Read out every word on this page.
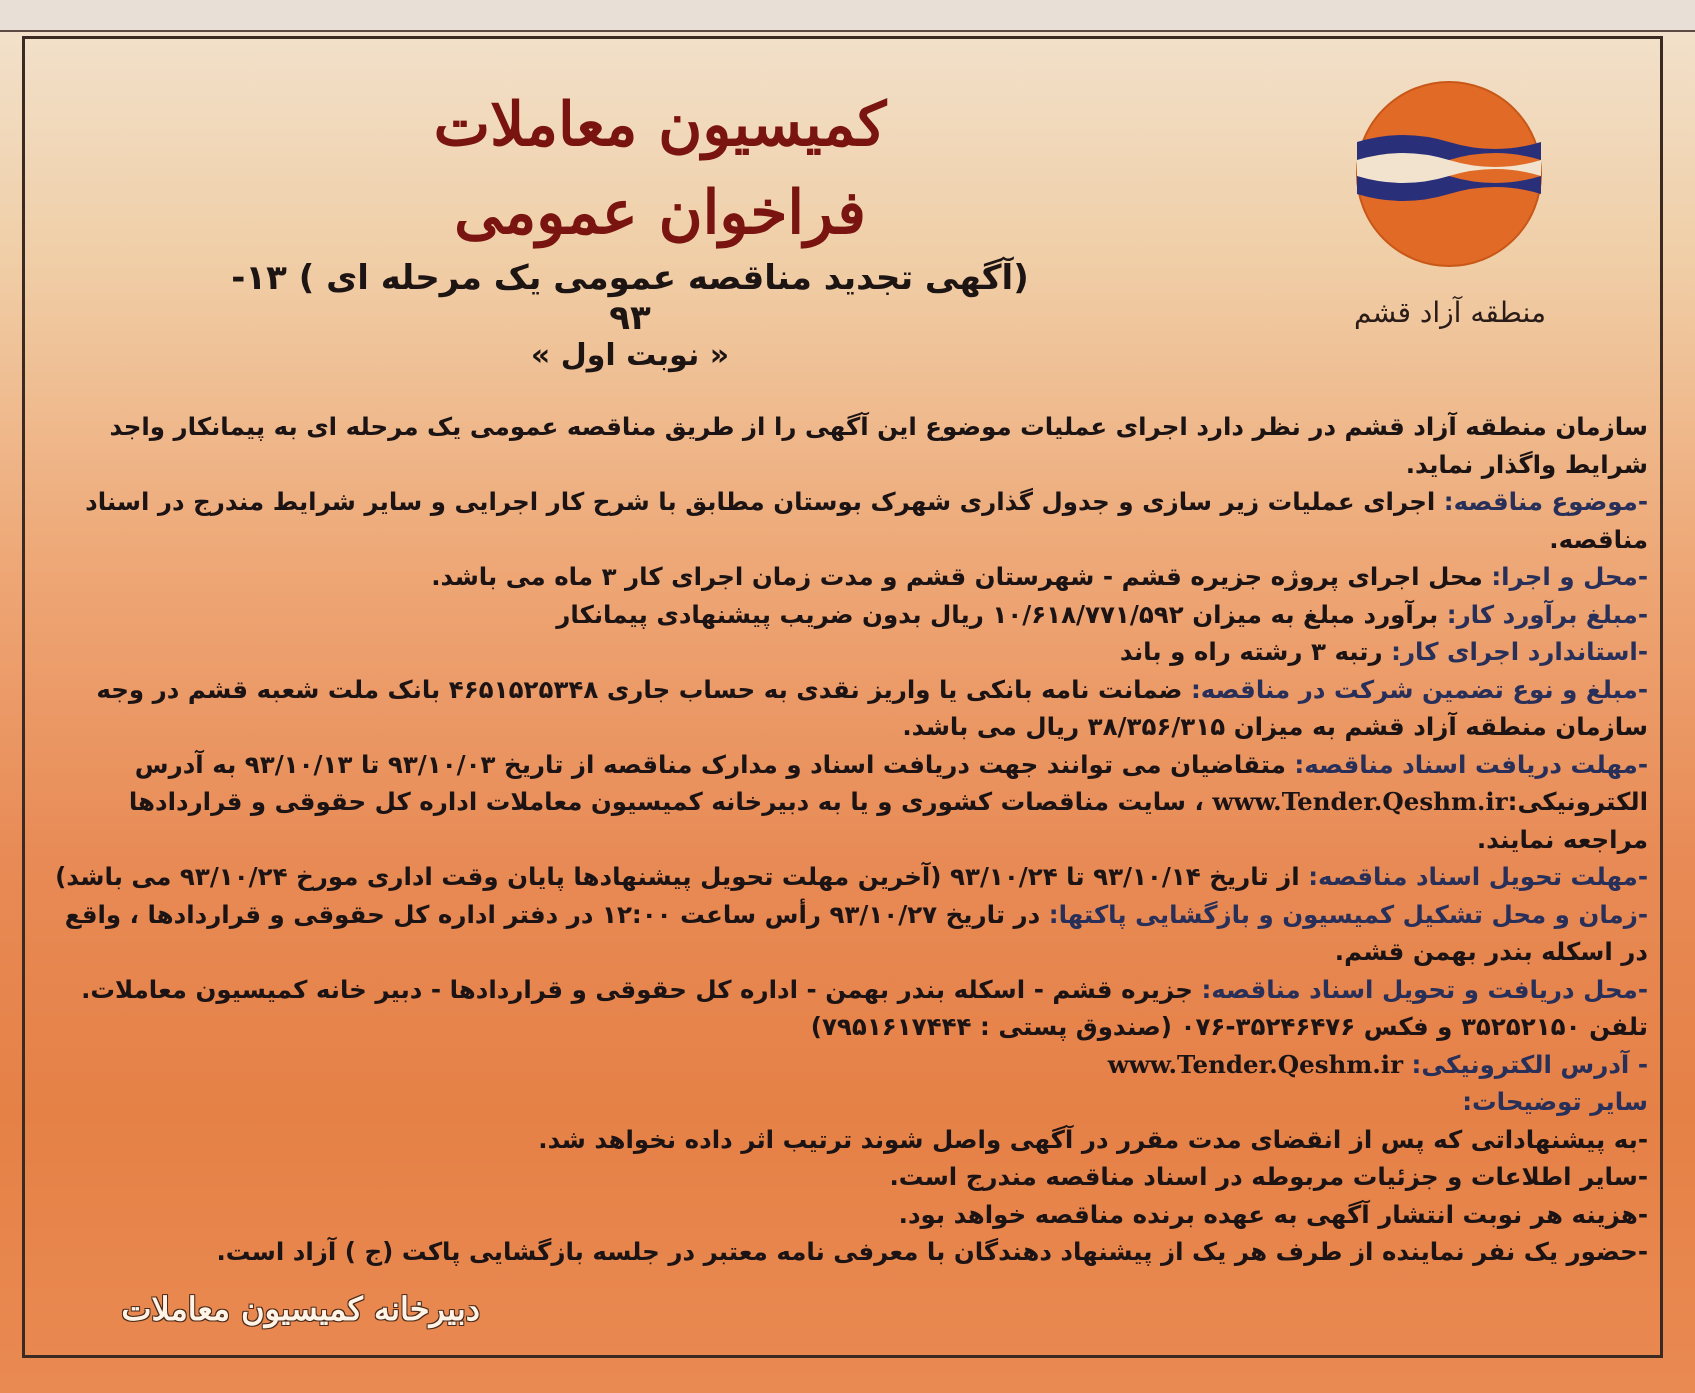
منطقه آزاد قشم
کمیسیون معاملات
فراخوان عمومی
(آگهی تجدید مناقصه عمومی یک مرحله ای ) ۱۳- ۹۳
« نوبت اول »

سازمان منطقه آزاد قشم در نظر دارد اجرای عملیات موضوع این آگهی را از طریق مناقصه عمومی یک مرحله ای به پیمانکار واجد شرایط واگذار نماید.

-موضوع مناقصه: اجرای عملیات زیر سازی و جدول گذاری شهرک بوستان مطابق با شرح کار اجرایی و سایر شرایط مندرج در اسناد مناقصه.

-محل و اجرا: محل اجرای پروژه جزیره قشم - شهرستان قشم و مدت زمان اجرای کار ۳ ماه می باشد.

-مبلغ برآورد کار: برآورد مبلغ به میزان ۱۰/۶۱۸/۷۷۱/۵۹۲ ریال بدون ضریب پیشنهادی پیمانکار

-استاندارد اجرای کار: رتبه ۳ رشته راه و باند

-مبلغ و نوع تضمین شرکت در مناقصه: ضمانت نامه بانکی یا واریز نقدی به حساب جاری ۴۶۵۱۵۲۵۳۴۸ بانک ملت شعبه قشم در وجه سازمان منطقه آزاد قشم به میزان ۳۸/۳۵۶/۳۱۵ ریال می باشد.

-مهلت دریافت اسناد مناقصه: متقاضیان می توانند جهت دریافت اسناد و مدارک مناقصه از تاریخ ۹۳/۱۰/۰۳ تا ۹۳/۱۰/۱۳ به آدرس الکترونیکی:www.Tender.Qeshm.ir ، سایت مناقصات کشوری و یا به دبیرخانه کمیسیون معاملات اداره کل حقوقی و قراردادها مراجعه نمایند.

-مهلت تحویل اسناد مناقصه: از تاریخ ۹۳/۱۰/۱۴ تا ۹۳/۱۰/۲۴ (آخرین مهلت تحویل پیشنهادها پایان وقت اداری مورخ ۹۳/۱۰/۲۴ می باشد)

-زمان و محل تشکیل کمیسیون و بازگشایی پاکتها: در تاریخ ۹۳/۱۰/۲۷ رأس ساعت ۱۲:۰۰ در دفتر اداره کل حقوقی و قراردادها ، واقع در اسکله بندر بهمن قشم.

-محل دریافت و تحویل اسناد مناقصه: جزیره قشم - اسکله بندر بهمن - اداره کل حقوقی و قراردادها - دبیر خانه کمیسیون معاملات. تلفن ۳۵۲۵۲۱۵۰ و فکس ۳۵۲۴۶۴۷۶-۰۷۶ (صندوق پستی : ۷۹۵۱۶۱۷۴۴۴)

- آدرس الکترونیکی: www.Tender.Qeshm.ir

سایر توضیحات:

-به پیشنهاداتی که پس از انقضای مدت مقرر در آگهی واصل شوند ترتیب اثر داده نخواهد شد.

-سایر اطلاعات و جزئیات مربوطه در اسناد مناقصه مندرج است.

-هزینه هر نوبت انتشار آگهی به عهده برنده مناقصه خواهد بود.

-حضور یک نفر نماینده از طرف هر یک از پیشنهاد دهندگان با معرفی نامه معتبر در جلسه بازگشایی پاکت (ج ) آزاد است.

دبیرخانه کمیسیون معاملات
